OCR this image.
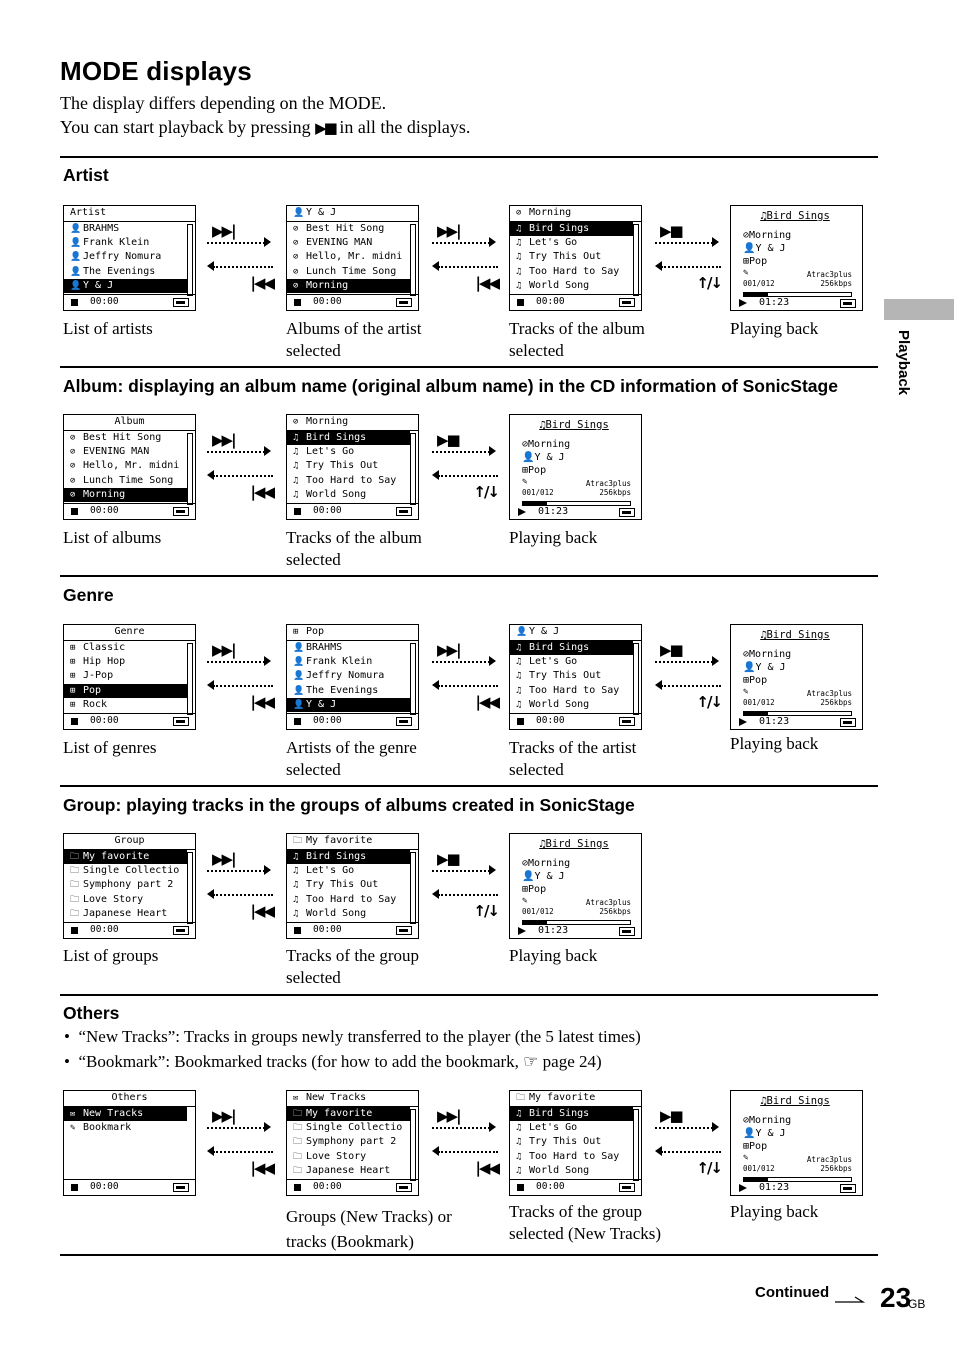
MODE displays
The display differs depending on the MODE.
You can start playback by pressing ▶■ in all the displays.
Playback
Artist
Artist
👤 BRAHMS
👤 Frank Klein
👤 Jeffry Nomura
👤 The Evenings
👤 Y & J
00:00
▶▶|
|◀◀
👤 Y & J
⊘ Best Hit Song
⊘ EVENING MAN
⊘ Hello, Mr. midni
⊘ Lunch Time Song
⊘ Morning
00:00
▶▶|
|◀◀
⊘ Morning
♫ Bird Sings
♫ Let's Go
♫ Try This Out
♫ Too Hard to Say
♫ World Song
00:00
▶■
↑/↓
♫Bird Sings
⊘Morning
👤Y & J
⊞Pop
✎
001/012
Atrac3plus
256kbps
01:23
List of artists	Albums of the artist selected
Tracks of the album selected
Playing back
Album: displaying an album name (original album name) in the CD information of SonicStage
Album
⊘ Best Hit Song
⊘ EVENING MAN
⊘ Hello, Mr. midni
⊘ Lunch Time Song
⊘ Morning
00:00
▶▶|
|◀◀
⊘ Morning
♫ Bird Sings
♫ Let's Go
♫ Try This Out
♫ Too Hard to Say
♫ World Song
00:00
▶■
↑/↓
♫Bird Sings
⊘Morning
👤Y & J
⊞Pop
✎
001/012
Atrac3plus
256kbps
01:23
List of albums	Tracks of the album selected
Playing back
Genre
Genre
⊞ Classic
⊞ Hip Hop
⊞ J-Pop
⊞ Pop
⊞ Rock
00:00
▶▶|
|◀◀
⊞ Pop
👤 BRAHMS
👤 Frank Klein
👤 Jeffry Nomura
👤 The Evenings
👤 Y & J
00:00
▶▶|
|◀◀
👤 Y & J
♫ Bird Sings
♫ Let's Go
♫ Try This Out
♫ Too Hard to Say
♫ World Song
00:00
▶■
↑/↓
♫Bird Sings
⊘Morning
👤Y & J
⊞Pop
✎
001/012
Atrac3plus
256kbps
01:23
List of genres	Artists of the genre selected
Tracks of the artist selected
Playing back
Group: playing tracks in the groups of albums created in SonicStage
Group
🗀 My favorite
🗀 Single Collectio
🗀 Symphony part 2
🗀 Love Story
🗀 Japanese Heart
00:00
▶▶|
|◀◀
🗀 My favorite
♫ Bird Sings
♫ Let's Go
♫ Try This Out
♫ Too Hard to Say
♫ World Song
00:00
▶■
↑/↓
♫Bird Sings
⊘Morning
👤Y & J
⊞Pop
✎
001/012
Atrac3plus
256kbps
01:23
List of groups	Tracks of the group selected
Playing back
Others
•  “New Tracks”: Tracks in groups newly transferred to the player (the 5 latest times)
•  “Bookmark”: Bookmarked tracks (for how to add the bookmark, ☞ page 24)
Others
✉ New Tracks
✎ Bookmark
00:00
▶▶|
|◀◀
✉ New Tracks
🗀 My favorite
🗀 Single Collectio
🗀 Symphony part 2
🗀 Love Story
🗀 Japanese Heart
00:00
▶▶|
|◀◀
🗀 My favorite
♫ Bird Sings
♫ Let's Go
♫ Try This Out
♫ Too Hard to Say
♫ World Song
00:00
▶■
↑/↓
♫Bird Sings
⊘Morning
👤Y & J
⊞Pop
✎
001/012
Atrac3plus
256kbps
01:23
Groups (New Tracks) or tracks (Bookmark)
Tracks of the group selected (New Tracks)
Playing back
Continued 23
GB
